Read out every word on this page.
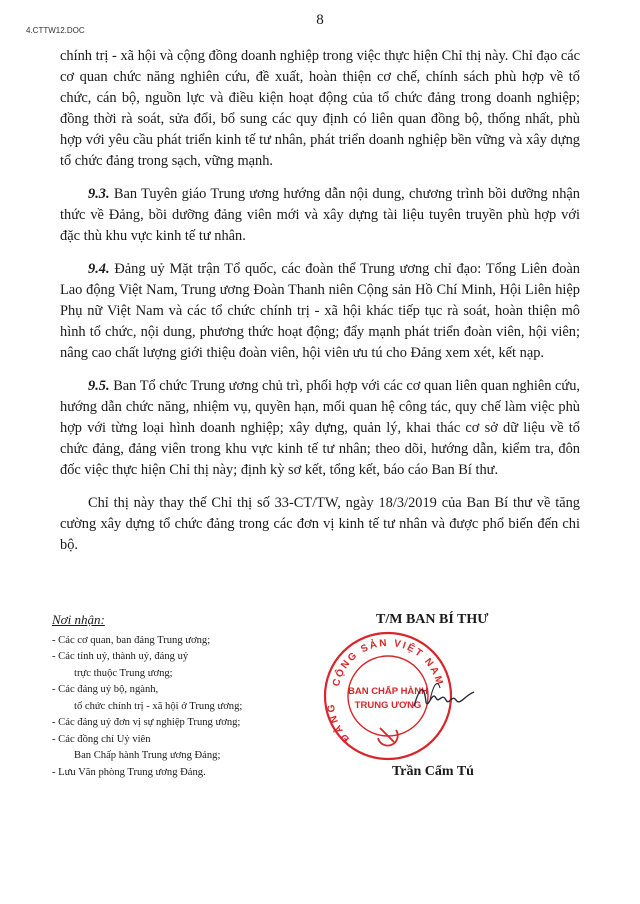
4.CTTW12.DOC
8

chính trị - xã hội và cộng đồng doanh nghiệp trong việc thực hiện Chỉ thị này. Chỉ đạo các cơ quan chức năng nghiên cứu, đề xuất, hoàn thiện cơ chế, chính sách phù hợp về tổ chức, cán bộ, nguồn lực và điều kiện hoạt động của tổ chức đảng trong doanh nghiệp; đồng thời rà soát, sửa đổi, bổ sung các quy định có liên quan đồng bộ, thống nhất, phù hợp với yêu cầu phát triển kinh tế tư nhân, phát triển doanh nghiệp bền vững và xây dựng tổ chức đảng trong sạch, vững mạnh.

9.3. Ban Tuyên giáo Trung ương hướng dẫn nội dung, chương trình bồi dưỡng nhận thức về Đảng, bồi dưỡng đảng viên mới và xây dựng tài liệu tuyên truyền phù hợp với đặc thù khu vực kinh tế tư nhân.

9.4. Đảng uỷ Mặt trận Tổ quốc, các đoàn thể Trung ương chỉ đạo: Tổng Liên đoàn Lao động Việt Nam, Trung ương Đoàn Thanh niên Cộng sản Hồ Chí Minh, Hội Liên hiệp Phụ nữ Việt Nam và các tổ chức chính trị - xã hội khác tiếp tục rà soát, hoàn thiện mô hình tổ chức, nội dung, phương thức hoạt động; đẩy mạnh phát triển đoàn viên, hội viên; nâng cao chất lượng giới thiệu đoàn viên, hội viên ưu tú cho Đảng xem xét, kết nạp.

9.5. Ban Tổ chức Trung ương chủ trì, phối hợp với các cơ quan liên quan nghiên cứu, hướng dẫn chức năng, nhiệm vụ, quyền hạn, mối quan hệ công tác, quy chế làm việc phù hợp với từng loại hình doanh nghiệp; xây dựng, quản lý, khai thác cơ sở dữ liệu về tổ chức đảng, đảng viên trong khu vực kinh tế tư nhân; theo dõi, hướng dẫn, kiểm tra, đôn đốc việc thực hiện Chỉ thị này; định kỳ sơ kết, tổng kết, báo cáo Ban Bí thư.

Chỉ thị này thay thế Chỉ thị số 33-CT/TW, ngày 18/3/2019 của Ban Bí thư về tăng cường xây dựng tổ chức đảng trong các đơn vị kinh tế tư nhân và được phổ biến đến chi bộ.

Nơi nhận:
- Các cơ quan, ban đảng Trung ương;
- Các tỉnh uỷ, thành uỷ, đảng uỷ
trực thuộc Trung ương;
- Các đảng uỷ bộ, ngành,
tổ chức chính trị - xã hội ở Trung ương;
- Các đảng uỷ đơn vị sự nghiệp Trung ương;
- Các đồng chí Uỷ viên
Ban Chấp hành Trung ương Đảng;
- Lưu Văn phòng Trung ương Đảng.
T/M BAN BÍ THƯ
CỘNG SẢN VIỆT NAM
ĐẢNG
BAN CHẤP HÀNH
TRUNG ƯƠNG
Trần Cẩm Tú
